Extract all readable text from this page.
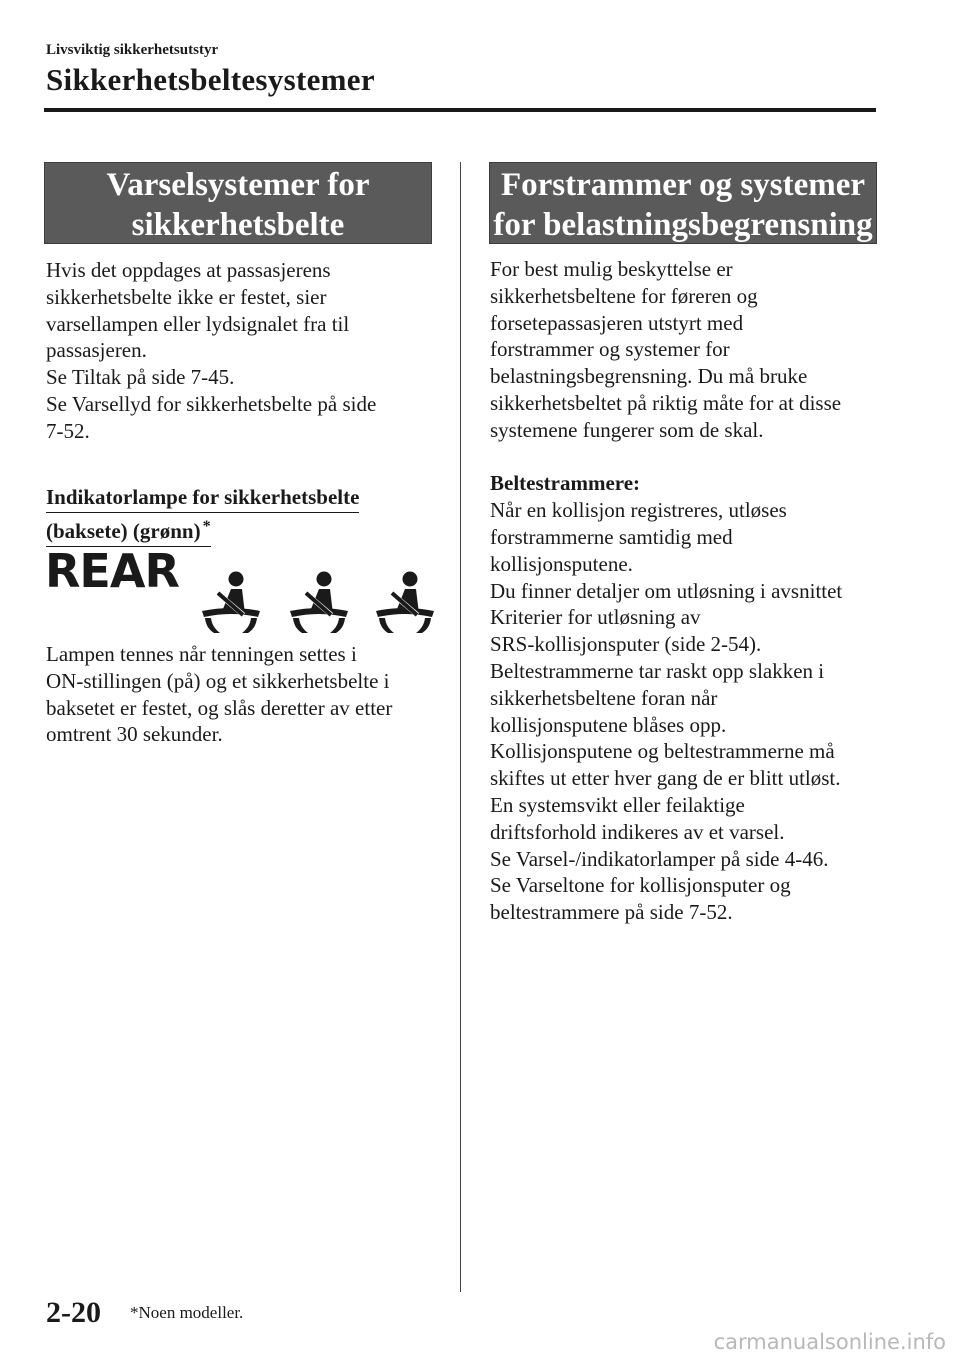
Livsviktig sikkerhetsutstyr
Sikkerhetsbeltesystemer
Varselsystemer for
sikkerhetsbelte
Hvis det oppdages at passasjerens
sikkerhetsbelte ikke er festet, sier
varsellampen eller lydsignalet fra til
passasjeren.
Se Tiltak på side 7-45.
Se Varsellyd for sikkerhetsbelte på side
7-52.
Indikatorlampe for sikkerhetsbelte
(baksete) (grønn) *
REAR
Lampen tennes når tenningen settes i
ON-stillingen (på) og et sikkerhetsbelte i
baksetet er festet, og slås deretter av etter
omtrent 30 sekunder.
Forstrammer og systemer
for belastningsbegrensning
For best mulig beskyttelse er
sikkerhetsbeltene for føreren og
forsetepassasjeren utstyrt med
forstrammer og systemer for
belastningsbegrensning. Du må bruke
sikkerhetsbeltet på riktig måte for at disse
systemene fungerer som de skal.
Beltestrammere:
Når en kollisjon registreres, utløses
forstrammerne samtidig med
kollisjonsputene.
Du finner detaljer om utløsning i avsnittet
Kriterier for utløsning av
SRS-kollisjonsputer (side 2-54).
Beltestrammerne tar raskt opp slakken i
sikkerhetsbeltene foran når
kollisjonsputene blåses opp.
Kollisjonsputene og beltestrammerne må
skiftes ut etter hver gang de er blitt utløst.
En systemsvikt eller feilaktige
driftsforhold indikeres av et varsel.
Se Varsel-/indikatorlamper på side 4-46.
Se Varseltone for kollisjonsputer og
beltestrammere på side 7-52.
2-20 *Noen modeller.
carmanualsonline.info
